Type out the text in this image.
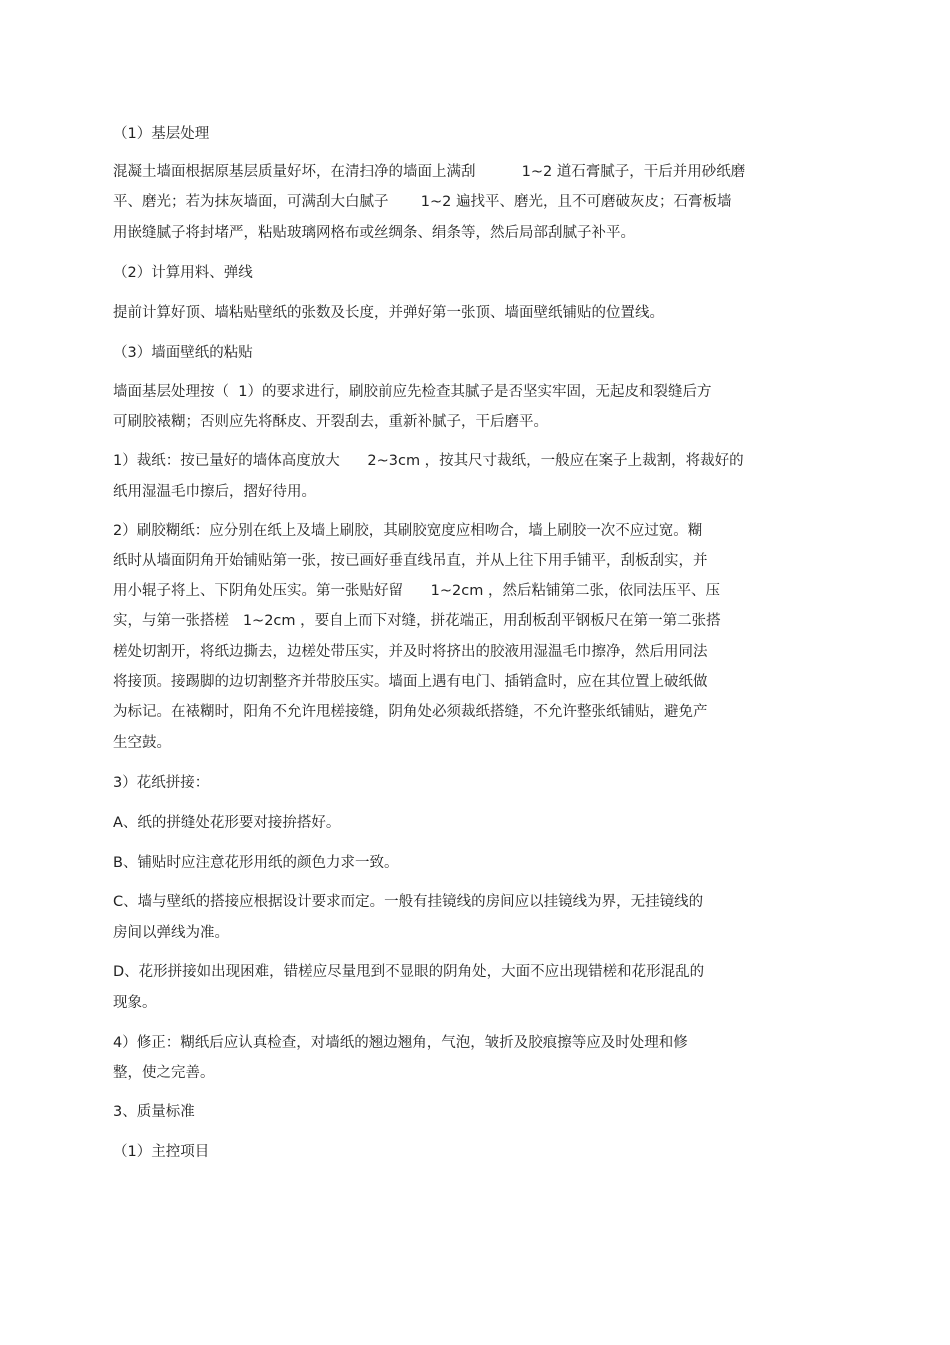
（1）基层处理
混凝土墙面根据原基层质量好坏，在清扫净的墙面上满刮          1~2 道石膏腻子，干后并用砂纸磨
平、磨光；若为抹灰墙面，可满刮大白腻子       1~2 遍找平、磨光，且不可磨破灰皮；石膏板墙
用嵌缝腻子将封堵严，粘贴玻璃网格布或丝绸条、绢条等，然后局部刮腻子补平。
（2）计算用料、弹线
提前计算好顶、墙粘贴壁纸的张数及长度，并弹好第一张顶、墙面壁纸铺贴的位置线。
（3）墙面壁纸的粘贴
墙面基层处理按（  1）的要求进行，刷胶前应先检查其腻子是否坚实牢固，无起皮和裂缝后方
可刷胶裱糊；否则应先将酥皮、开裂刮去，重新补腻子，干后磨平。
1）裁纸：按已量好的墙体高度放大      2~3cm ，按其尺寸裁纸，一般应在案子上裁割，将裁好的
纸用湿温毛巾擦后，摺好待用。
2）刷胶糊纸：应分别在纸上及墙上刷胶，其刷胶宽度应相吻合，墙上刷胶一次不应过宽。糊
纸时从墙面阴角开始铺贴第一张，按已画好垂直线吊直，并从上往下用手铺平，刮板刮实，并
用小辊子将上、下阴角处压实。第一张贴好留      1~2cm ，然后粘铺第二张，依同法压平、压
实，与第一张搭槎   1~2cm ，要自上而下对缝，拼花端正，用刮板刮平钢板尺在第一第二张搭
槎处切割开，将纸边撕去，边槎处带压实，并及时将挤出的胶液用湿温毛巾擦净，然后用同法
将接顶。接踢脚的边切割整齐并带胶压实。墙面上遇有电门、插销盒时，应在其位置上破纸做
为标记。在裱糊时，阳角不允许甩槎接缝，阴角处必须裁纸搭缝，不允许整张纸铺贴，避免产
生空鼓。
3）花纸拼接：
A、纸的拼缝处花形要对接拚搭好。
B、铺贴时应注意花形用纸的颜色力求一致。
C、墙与壁纸的搭接应根据设计要求而定。一般有挂镜线的房间应以挂镜线为界，无挂镜线的
房间以弹线为准。
D、花形拼接如出现困难，错槎应尽量甩到不显眼的阴角处，大面不应出现错槎和花形混乱的
现象。
4）修正：糊纸后应认真检查，对墙纸的翘边翘角，气泡，皱折及胶痕擦等应及时处理和修
整，使之完善。
3、质量标准
（1）主控项目
